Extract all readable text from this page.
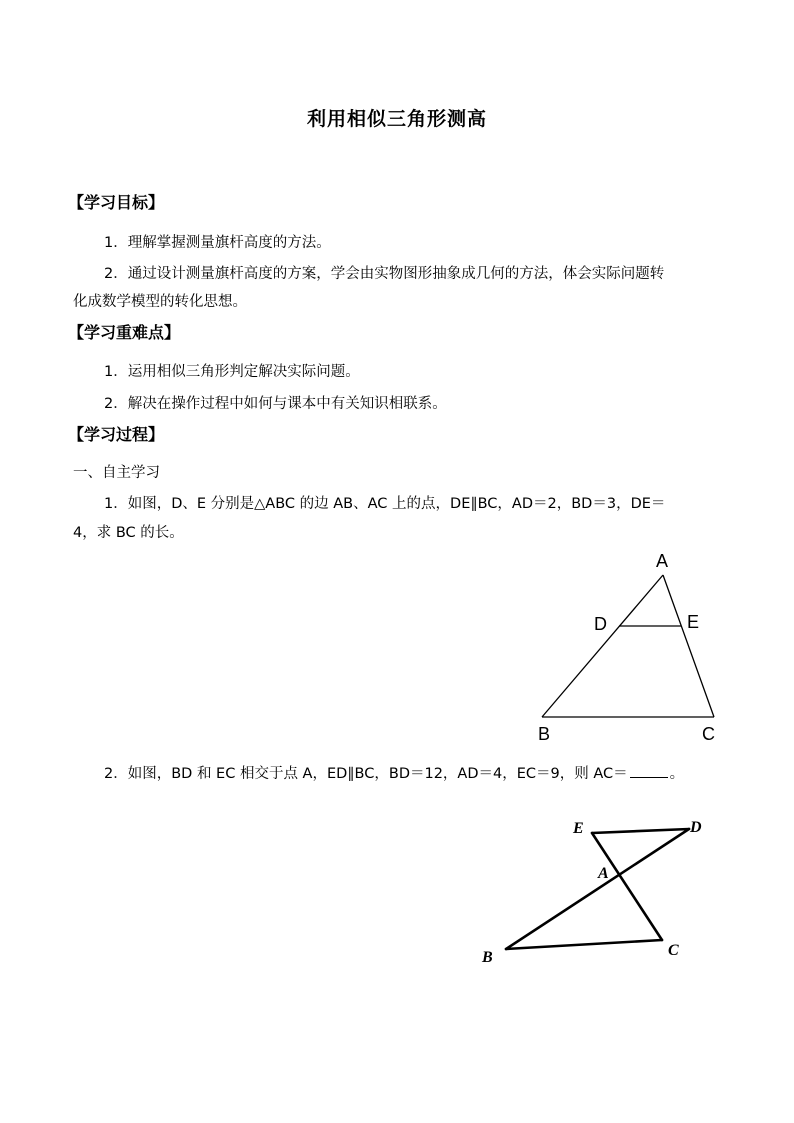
利用相似三角形测高
【学习目标】
1．理解掌握测量旗杆高度的方法。
2．通过设计测量旗杆高度的方案，学会由实物图形抽象成几何的方法，体会实际问题转
化成数学模型的转化思想。
【学习重难点】
1．运用相似三角形判定解决实际问题。
2．解决在操作过程中如何与课本中有关知识相联系。
【学习过程】
一、自主学习
1．如图，D、E 分别是△ABC 的边 AB、AC 上的点，DE∥BC，AD＝2，BD＝3，DE＝
4，求 BC 的长。
A
D	E
B	C
2．如图，BD 和 EC 相交于点 A，ED∥BC，BD＝12，AD＝4，EC＝9，则 AC＝	。
E	D
A
B	C
